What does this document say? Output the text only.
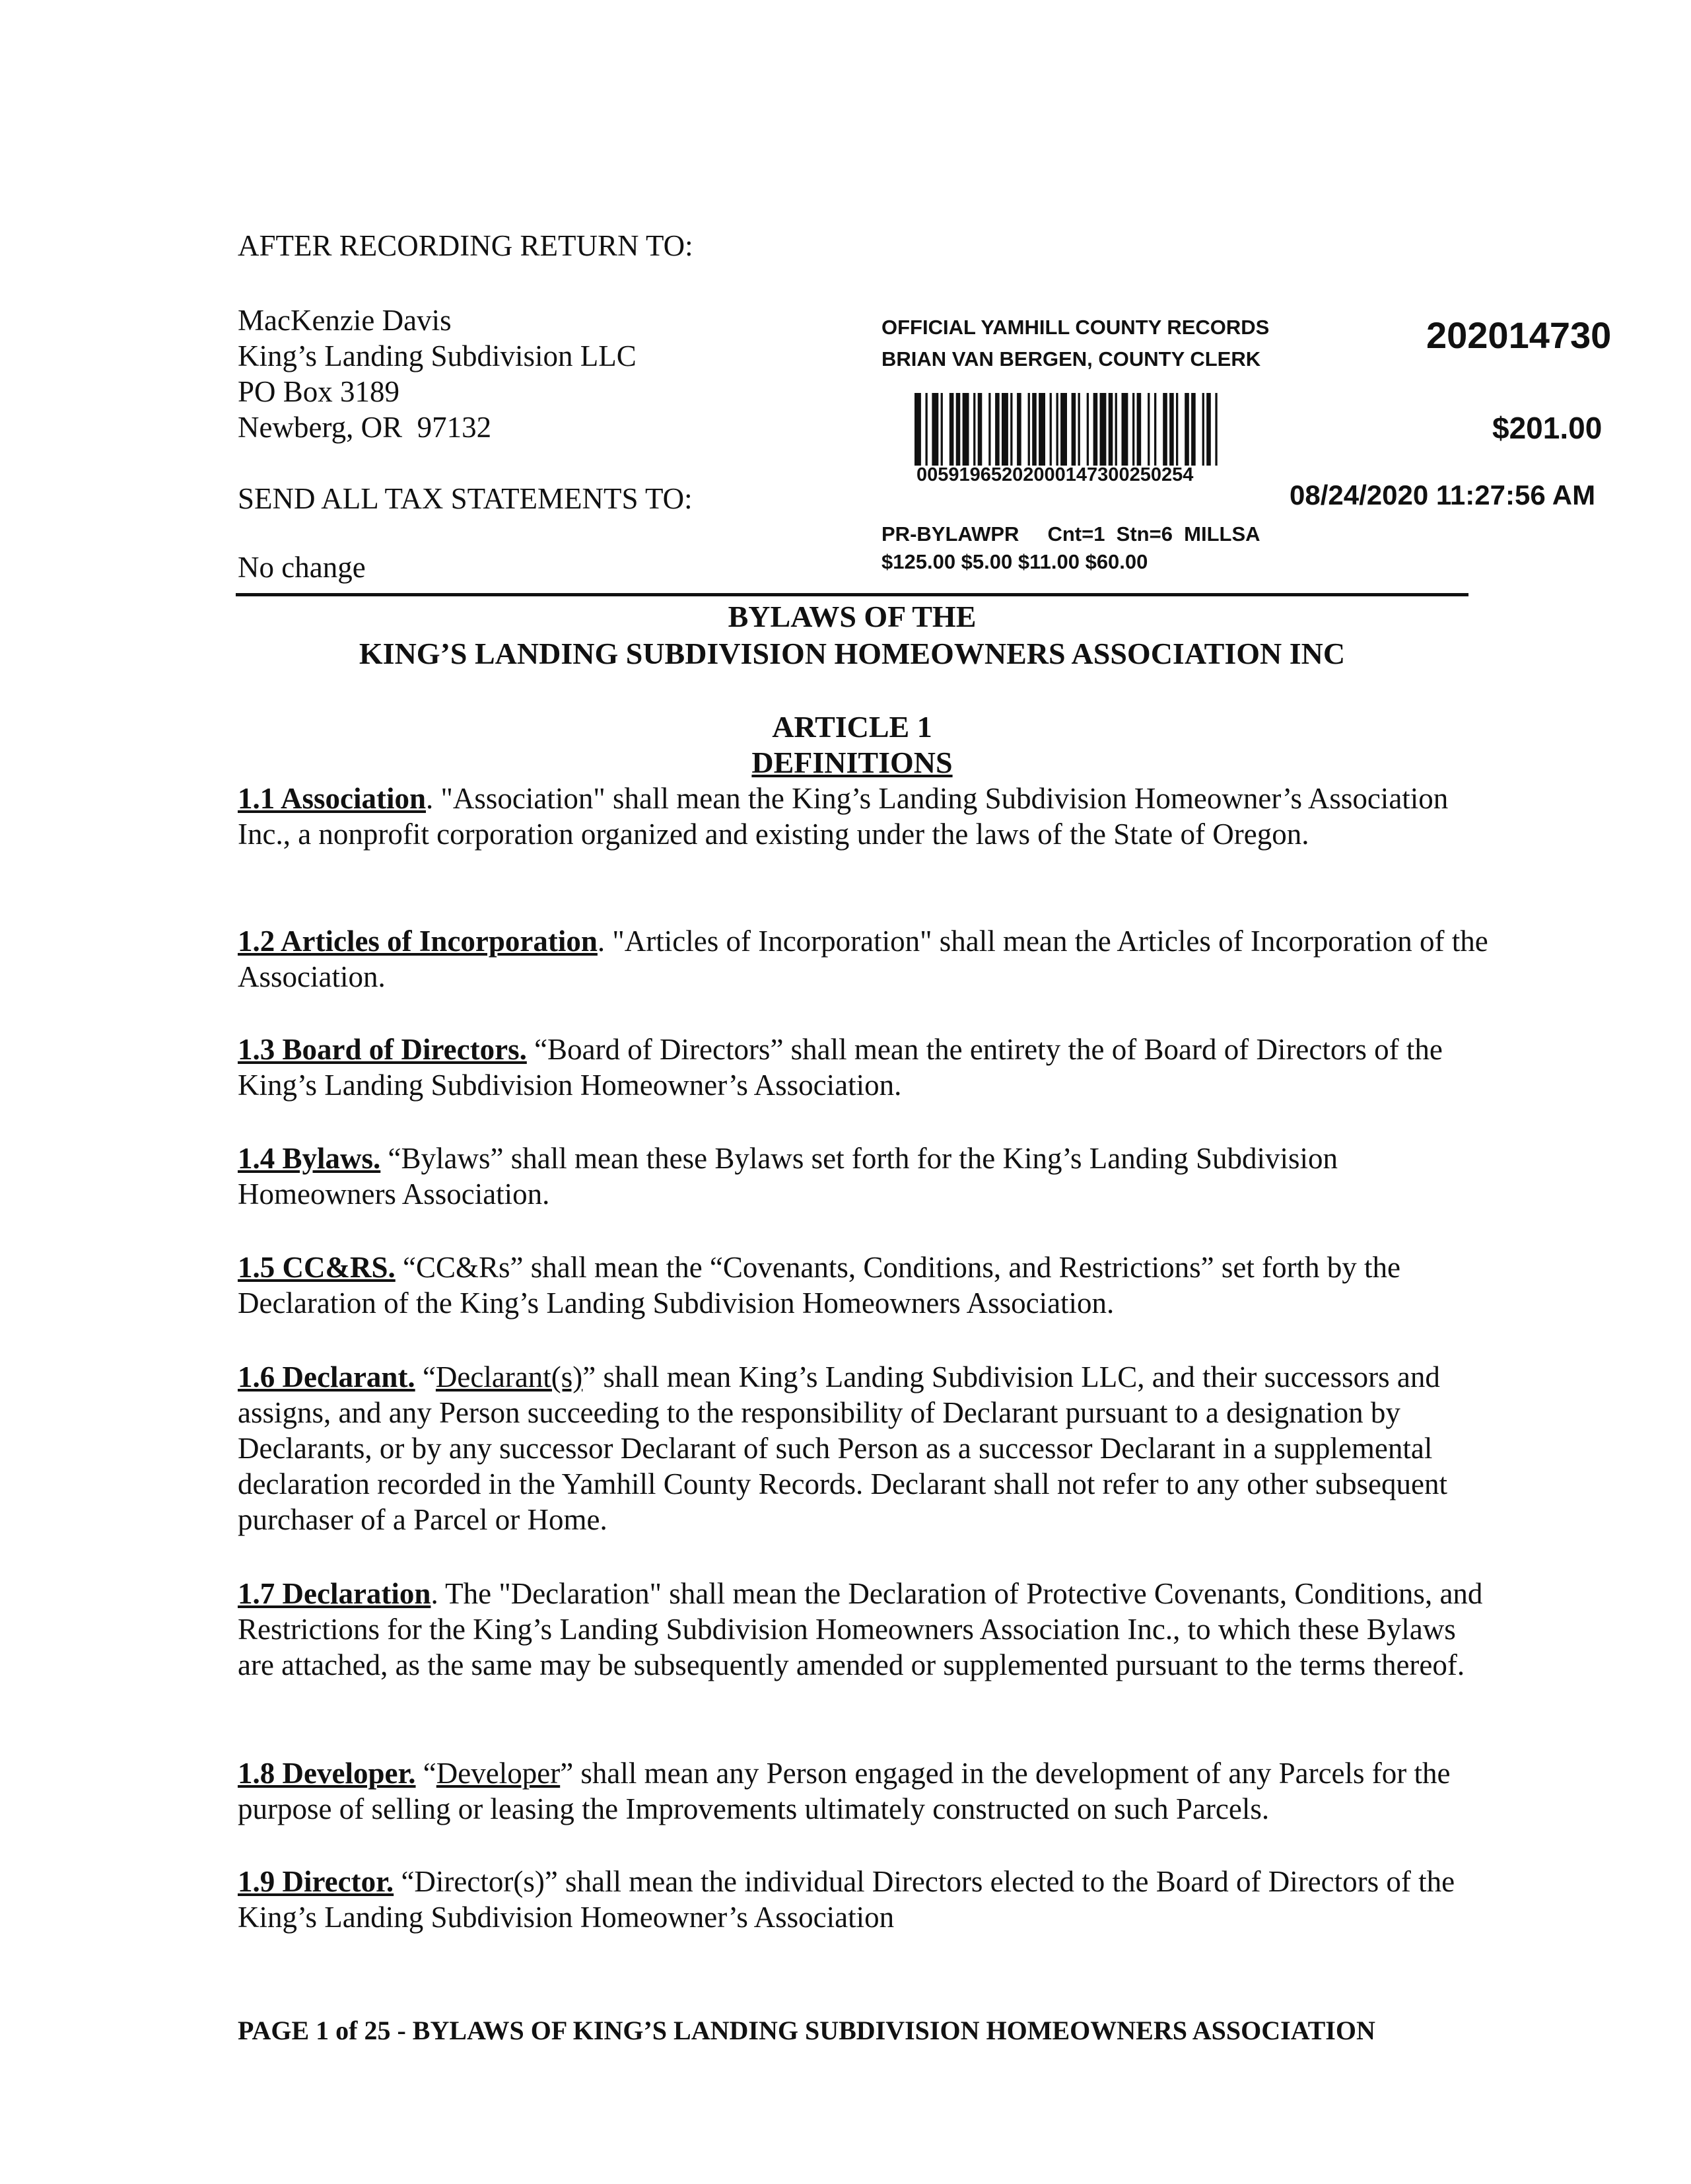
AFTER RECORDING RETURN TO:
MacKenzie Davis
King’s Landing Subdivision LLC
PO Box 3189
Newberg, OR  97132
SEND ALL TAX STATEMENTS TO:
No change
OFFICIAL YAMHILL COUNTY RECORDS
BRIAN VAN BERGEN, COUNTY CLERK
202014730
00591965202000147300250254
$201.00
08/24/2020 11:27:56 AM
PR-BYLAWPR     Cnt=1  Stn=6  MILLSA
$125.00 $5.00 $11.00 $60.00
BYLAWS OF THE
KING’S LANDING SUBDIVISION HOMEOWNERS ASSOCIATION INC
ARTICLE 1
DEFINITIONS
1.1 Association. "Association" shall mean the King’s Landing Subdivision Homeowner’s Association Inc., a nonprofit corporation organized and existing under the laws of the State of Oregon.
1.2 Articles of Incorporation. "Articles of Incorporation" shall mean the Articles of Incorporation of the Association.
1.3 Board of Directors. “Board of Directors” shall mean the entirety the of Board of Directors of the King’s Landing Subdivision Homeowner’s Association.
1.4 Bylaws. “Bylaws” shall mean these Bylaws set forth for the King’s Landing Subdivision Homeowners Association.
1.5 CC&RS. “CC&Rs” shall mean the “Covenants, Conditions, and Restrictions” set forth by the Declaration of the King’s Landing Subdivision Homeowners Association.
1.6 Declarant. “Declarant(s)” shall mean King’s Landing Subdivision LLC, and their successors and assigns, and any Person succeeding to the responsibility of Declarant pursuant to a designation by Declarants, or by any successor Declarant of such Person as a successor Declarant in a supplemental declaration recorded in the Yamhill County Records. Declarant shall not refer to any other subsequent purchaser of a Parcel or Home.
1.7 Declaration. The "Declaration" shall mean the Declaration of Protective Covenants, Conditions, and Restrictions for the King’s Landing Subdivision Homeowners Association Inc., to which these Bylaws are attached, as the same may be subsequently amended or supplemented pursuant to the terms thereof.
1.8 Developer. “Developer” shall mean any Person engaged in the development of any Parcels for the purpose of selling or leasing the Improvements ultimately constructed on such Parcels.
1.9 Director. “Director(s)” shall mean the individual Directors elected to the Board of Directors of the King’s Landing Subdivision Homeowner’s Association
PAGE 1 of 25 - BYLAWS OF KING’S LANDING SUBDIVISION HOMEOWNERS ASSOCIATION
